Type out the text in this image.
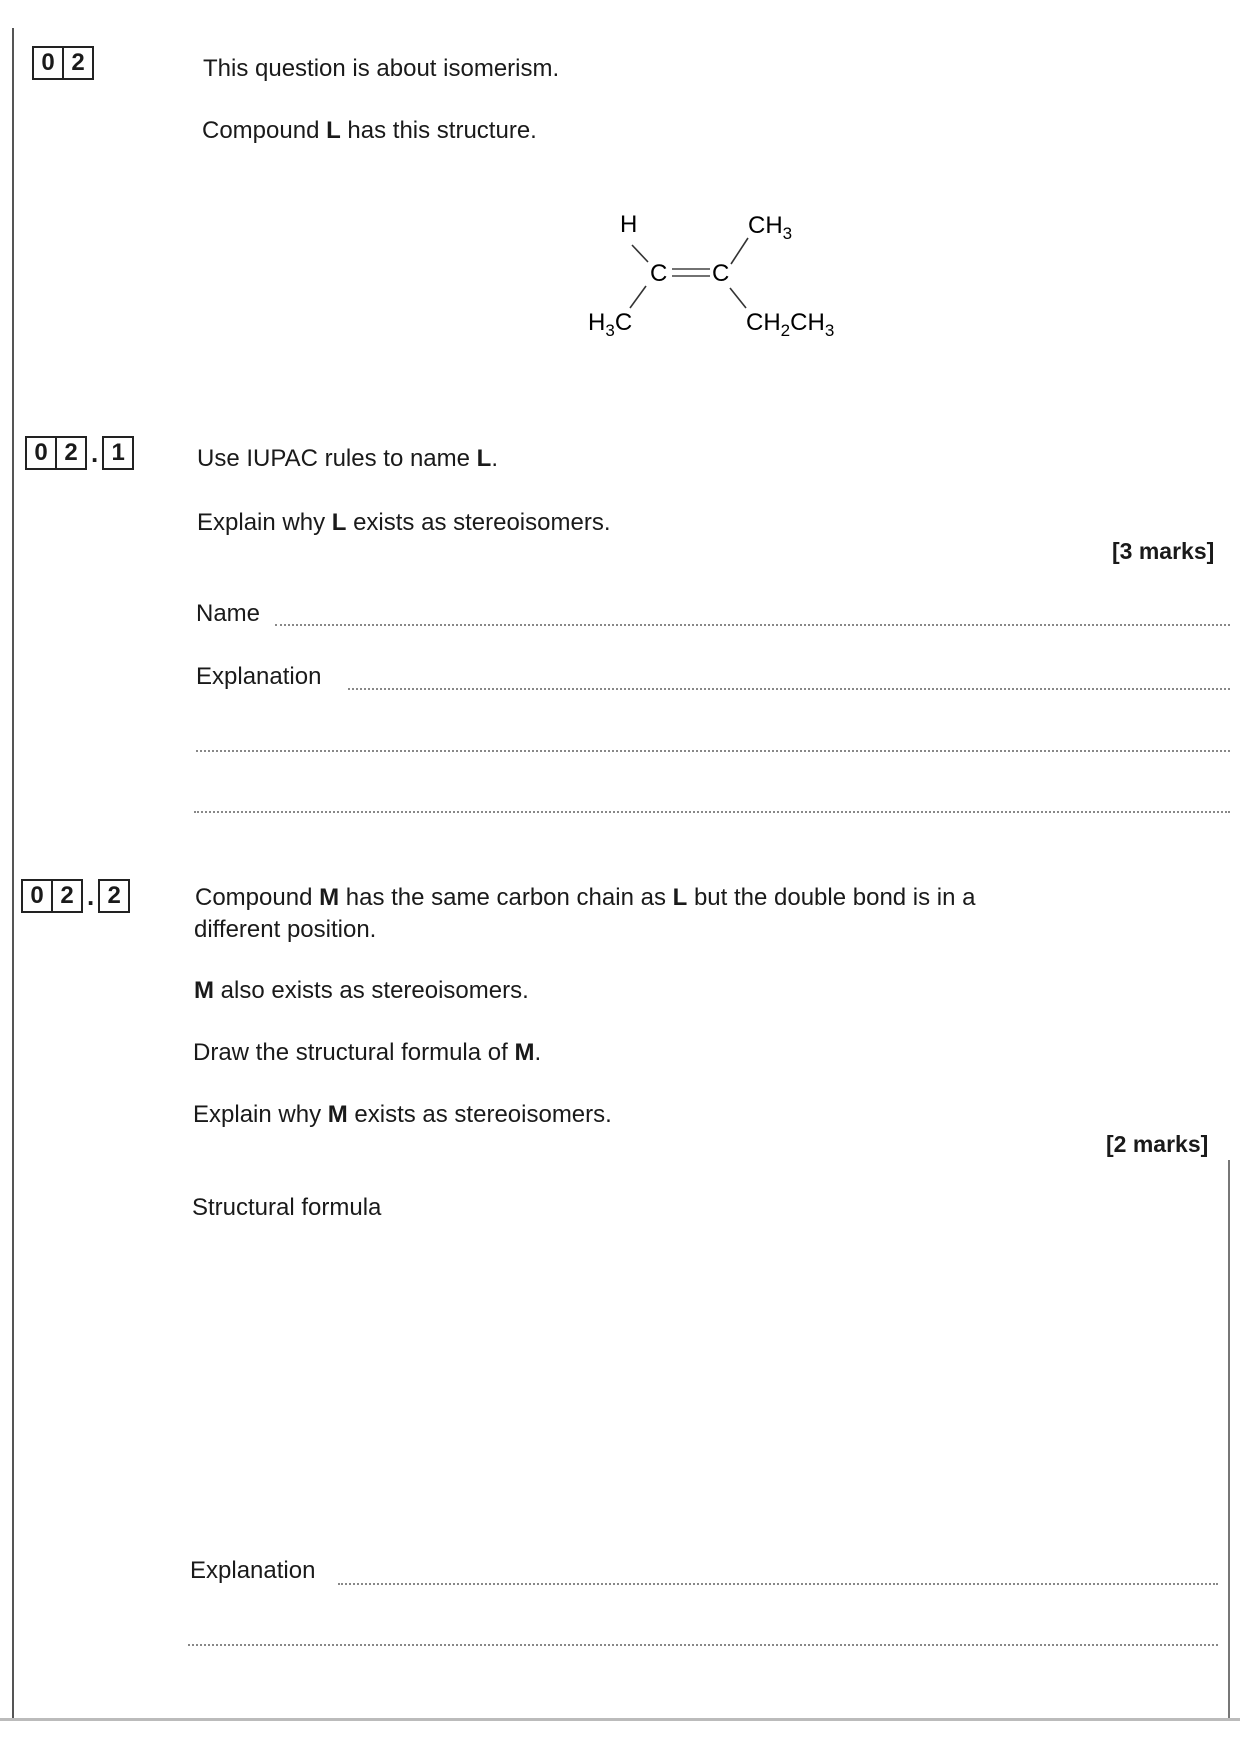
0 2	This question is about isomerism.
Compound L has this structure.
H	$CH_3$
C C
$H_3C$	$CH_2CH_3$
0 2 . 1	Use IUPAC rules to name L.
Explain why L exists as stereoisomers.
[3 marks]
Name
Explanation
0 2 . 2	Compound M has the same carbon chain as L but the double bond is in a
different position.
M also exists as stereoisomers.
Draw the structural formula of M.
Explain why M exists as stereoisomers.
[2 marks]
Structural formula
Explanation
